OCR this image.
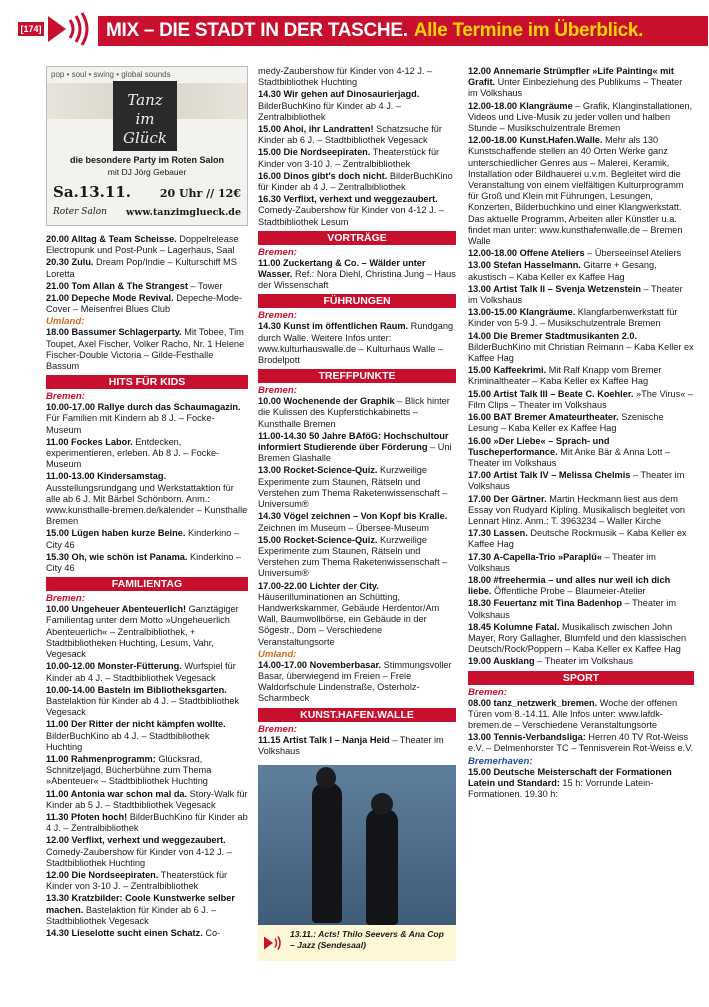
[174]	MIX – DIE STADT IN DER TASCHE. Alle Termine im Überblick.
pop • soul • swing • global sounds
Tanz
im
Glück
die besondere Party im Roten Salon
mit DJ Jörg Gebauer
Sa.13.11.	20 Uhr // 12€
Roter Salon www.tanzimglueck.de
20.00 Alltag & Team Scheisse. Doppelrelease Electropunk und Post-Punk – Lagerhaus, Saal
20.30 Zulu. Dream Pop/Indie – Kulturschiff MS Loretta
21.00 Tom Allan & The Strangest – Tower
21.00 Depeche Mode Revival. Depeche-Mode-Cover – Meisenfrei Blues Club
Umland:
18.00 Bassumer Schlagerparty. Mit Tobee, Tim Toupet, Axel Fischer, Volker Racho, Nr. 1 Helene Fischer-Double Victoria – Gilde-Festhalle Bassum
HITS FÜR KIDS
Bremen:
10.00-17.00 Rallye durch das Schaumagazin. Für Familien mit Kindern ab 8 J. – Focke-Museum
11.00 Fockes Labor. Entdecken, experimentieren, erleben. Ab 8 J. – Focke-Museum
11.00-13.00 Kindersamstag. Ausstellungsrundgang und Werkstattaktion für alle ab 6 J. Mit Bärbel Schönborn. Anm.: www.kunsthalle-bremen.de/kalender – Kunsthalle Bremen
15.00 Lügen haben kurze Beine. Kinderkino – City 46
15.30 Oh, wie schön ist Panama. Kinderkino – City 46
FAMILIENTAG
Bremen:
10.00 Ungeheuer Abenteuerlich! Ganztägiger Familientag unter dem Motto »Ungeheuerlich Abenteuerlich« – Zentralbibliothek, + Stadtbibliotheken Huchting, Lesum, Vahr, Vegesack
10.00-12.00 Monster-Fütterung. Wurfspiel für Kinder ab 4 J. – Stadtbibliothek Vegesack
10.00-14.00 Basteln im Bibliotheksgarten. Bastelaktion für Kinder ab 4 J. – Stadtbibliothek Vegesack
11.00 Der Ritter der nicht kämpfen wollte. BilderBuchKino ab 4 J. – Stadtbibliothek Huchting
11.00 Rahmenprogramm: Glücksrad, Schnitzeljagd, Bücherbühne zum Thema »Abenteuer« – Stadtbibliothek Huchting
11.00 Antonia war schon mal da. Story-Walk für Kinder ab 5 J. – Stadtbibliothek Vegesack
11.30 Pfoten hoch! BilderBuchKino für Kinder ab 4 J. – Zentralbibliothek
12.00 Verflixt, verhext und weggezaubert. Comedy-Zaubershow für Kinder von 4-12 J. – Stadtbibliothek Huchting
12.00 Die Nordseepiraten. Theaterstück für Kinder von 3-10 J. – Zentralbibliothek
13.30 Kratzbilder: Coole Kunstwerke selber machen. Bastelaktion für Kinder ab 6 J. – Stadtbibliothek Vegesack
14.30 Lieselotte sucht einen Schatz. Co-
medy-Zaubershow für Kinder von 4-12 J. – Stadtbibliothek Huchting
14.30 Wir gehen auf Dinosaurierjagd. BilderBuchKino für Kinder ab 4 J. – Zentralbibliothek
15.00 Ahoi, ihr Landratten! Schatzsuche für Kinder ab 6 J. – Stadtbibliothek Vegesack
15.00 Die Nordseepiraten. Theaterstück für Kinder von 3-10 J. – Zentralbibliothek
16.00 Dinos gibt's doch nicht. BilderBuchKino für Kinder ab 4 J. – Zentralbibliothek
16.30 Verflixt, verhext und weggezaubert. Comedy-Zaubershow für Kinder von 4-12 J. – Stadtbibliothek Lesum
VORTRÄGE
Bremen:
11.00 Zuckertang & Co. – Wälder unter Wasser. Ref.: Nora Diehl, Christina Jung – Haus der Wissenschaft
FÜHRUNGEN
Bremen:
14.30 Kunst im öffentlichen Raum. Rundgang durch Walle. Weitere Infos unter: www.kulturhauswalle.de – Kulturhaus Walle – Brodelpott
TREFFPUNKTE
Bremen:
10.00 Wochenende der Graphik – Blick hinter die Kulissen des Kupferstichkabinetts – Kunsthalle Bremen
11.00-14.30 50 Jahre BAföG: Hochschultour informiert Studierende über Förderung – Uni Bremen Glashalle
13.00 Rocket-Science-Quiz. Kurzweilige Experimente zum Staunen, Rätseln und Verstehen zum Thema Raketenwissenschaft – Universum®
14.30 Vögel zeichnen – Von Kopf bis Kralle. Zeichnen im Museum – Übersee-Museum
15.00 Rocket-Science-Quiz. Kurzweilige Experimente zum Staunen, Rätseln und Verstehen zum Thema Raketenwissenschaft – Universum®
17.00-22.00 Lichter der City. Häuserilluminationen an Schütting, Handwerkskammer, Gebäude Herdentor/Am Wall, Baumwollbörse, ein Gebäude in der Sögestr., Dom – Verschiedene Veranstaltungsorte
Umland:
14.00-17.00 Novemberbasar. Stimmungsvoller Basar, überwiegend im Freien – Freie Waldorfschule Lindenstraße, Osterholz-Scharmbeck
KUNST.HAFEN.WALLE
Bremen:
11.15 Artist Talk I – Nanja Heid – Theater im Volkshaus
13.11.: Acts! Thilo Seevers & Ana Cop – Jazz (Sendesaal)
12.00 Annemarie Strümpfler »Life Painting« mit Grafit. Unter Einbeziehung des Publikums – Theater im Volkshaus
12.00-18.00 Klangräume – Grafik, Klanginstallationen, Videos und Live-Musik zu jeder vollen und halben Stunde – Musikschulzentrale Bremen
12.00-18.00 Kunst.Hafen.Walle. Mehr als 130 Kunstschaffende stellen an 40 Orten Werke ganz unterschiedlicher Genres aus – Malerei, Keramik, Installation oder Bildhauerei u.v.m. Begleitet wird die Veranstaltung von einem vielfältigen Kulturprogramm für Groß und Klein mit Führungen, Lesungen, Konzerten, Bilderbuchkino und einer Klangwerkstatt. Das aktuelle Programm, Arbeiten aller Künstler u.a. findet man unter: www.kunsthafenwalle.de – Bremen Walle
12.00-18.00 Offene Ateliers – Überseeinsel Ateliers
13.00 Stefan Hasselmann. Gitarre + Gesang, akustisch – Kaba Keller ex Kaffee Hag
13.00 Artist Talk II – Svenja Wetzenstein – Theater im Volkshaus
13.00-15.00 Klangräume. Klangfarbenwerkstatt für Kinder von 5-9 J. – Musikschulzentrale Bremen
14.00 Die Bremer Stadtmusikanten 2.0. BilderBuchKino mit Christian Reimann – Kaba Keller ex Kaffee Hag
15.00 Kaffeekrimi. Mit Ralf Knapp vom Bremer Kriminaltheater – Kaba Keller ex Kaffee Hag
15.00 Artist Talk III – Beate C. Koehler. »The Virus« – Film Clips – Theater im Volkshaus
16.00 BAT Bremer Amateurtheater. Szenische Lesung – Kaba Keller ex Kaffee Hag
16.00 »Der Liebe« – Sprach- und Tuscheperformance. Mit Anke Bär & Anna Lott – Theater im Volkshaus
17.00 Artist Talk IV – Melissa Chelmis – Theater im Volkshaus
17.00 Der Gärtner. Martin Heckmann liest aus dem Essay von Rudyard Kipling. Musikalisch begleitet von Lennart Hinz. Anm.: T. 3963234 – Waller Kirche
17.30 Lassen. Deutsche Rockmusik – Kaba Keller ex Kaffee Hag
17.30 A-Capella-Trio »Paraplü« – Theater im Volkshaus
18.00 #freehermia – und alles nur weil ich dich liebe. Öffentliche Probe – Blaumeier-Atelier
18.30 Feuertanz mit Tina Badenhop – Theater im Volkshaus
18.45 Kolumne Fatal. Musikalisch zwischen John Mayer, Rory Gallagher, Blumfeld und den klassischen Deutsch/Rock/Poppern – Kaba Keller ex Kaffee Hag
19.00 Ausklang – Theater im Volkshaus
SPORT
Bremen:
08.00 tanz_netzwerk_bremen. Woche der offenen Türen vom 8.-14.11. Alle Infos unter: www.lafdk-bremen.de – Verschiedene Veranstaltungsorte
13.00 Tennis-Verbandsliga: Herren 40 TV Rot-Weiss e.V. – Delmenhorster TC – Tennisverein Rot-Weiss e.V.
Bremerhaven:
15.00 Deutsche Meisterschaft der Formationen Latein und Standard: 15 h: Vorrunde Latein-Formationen. 19.30 h:
